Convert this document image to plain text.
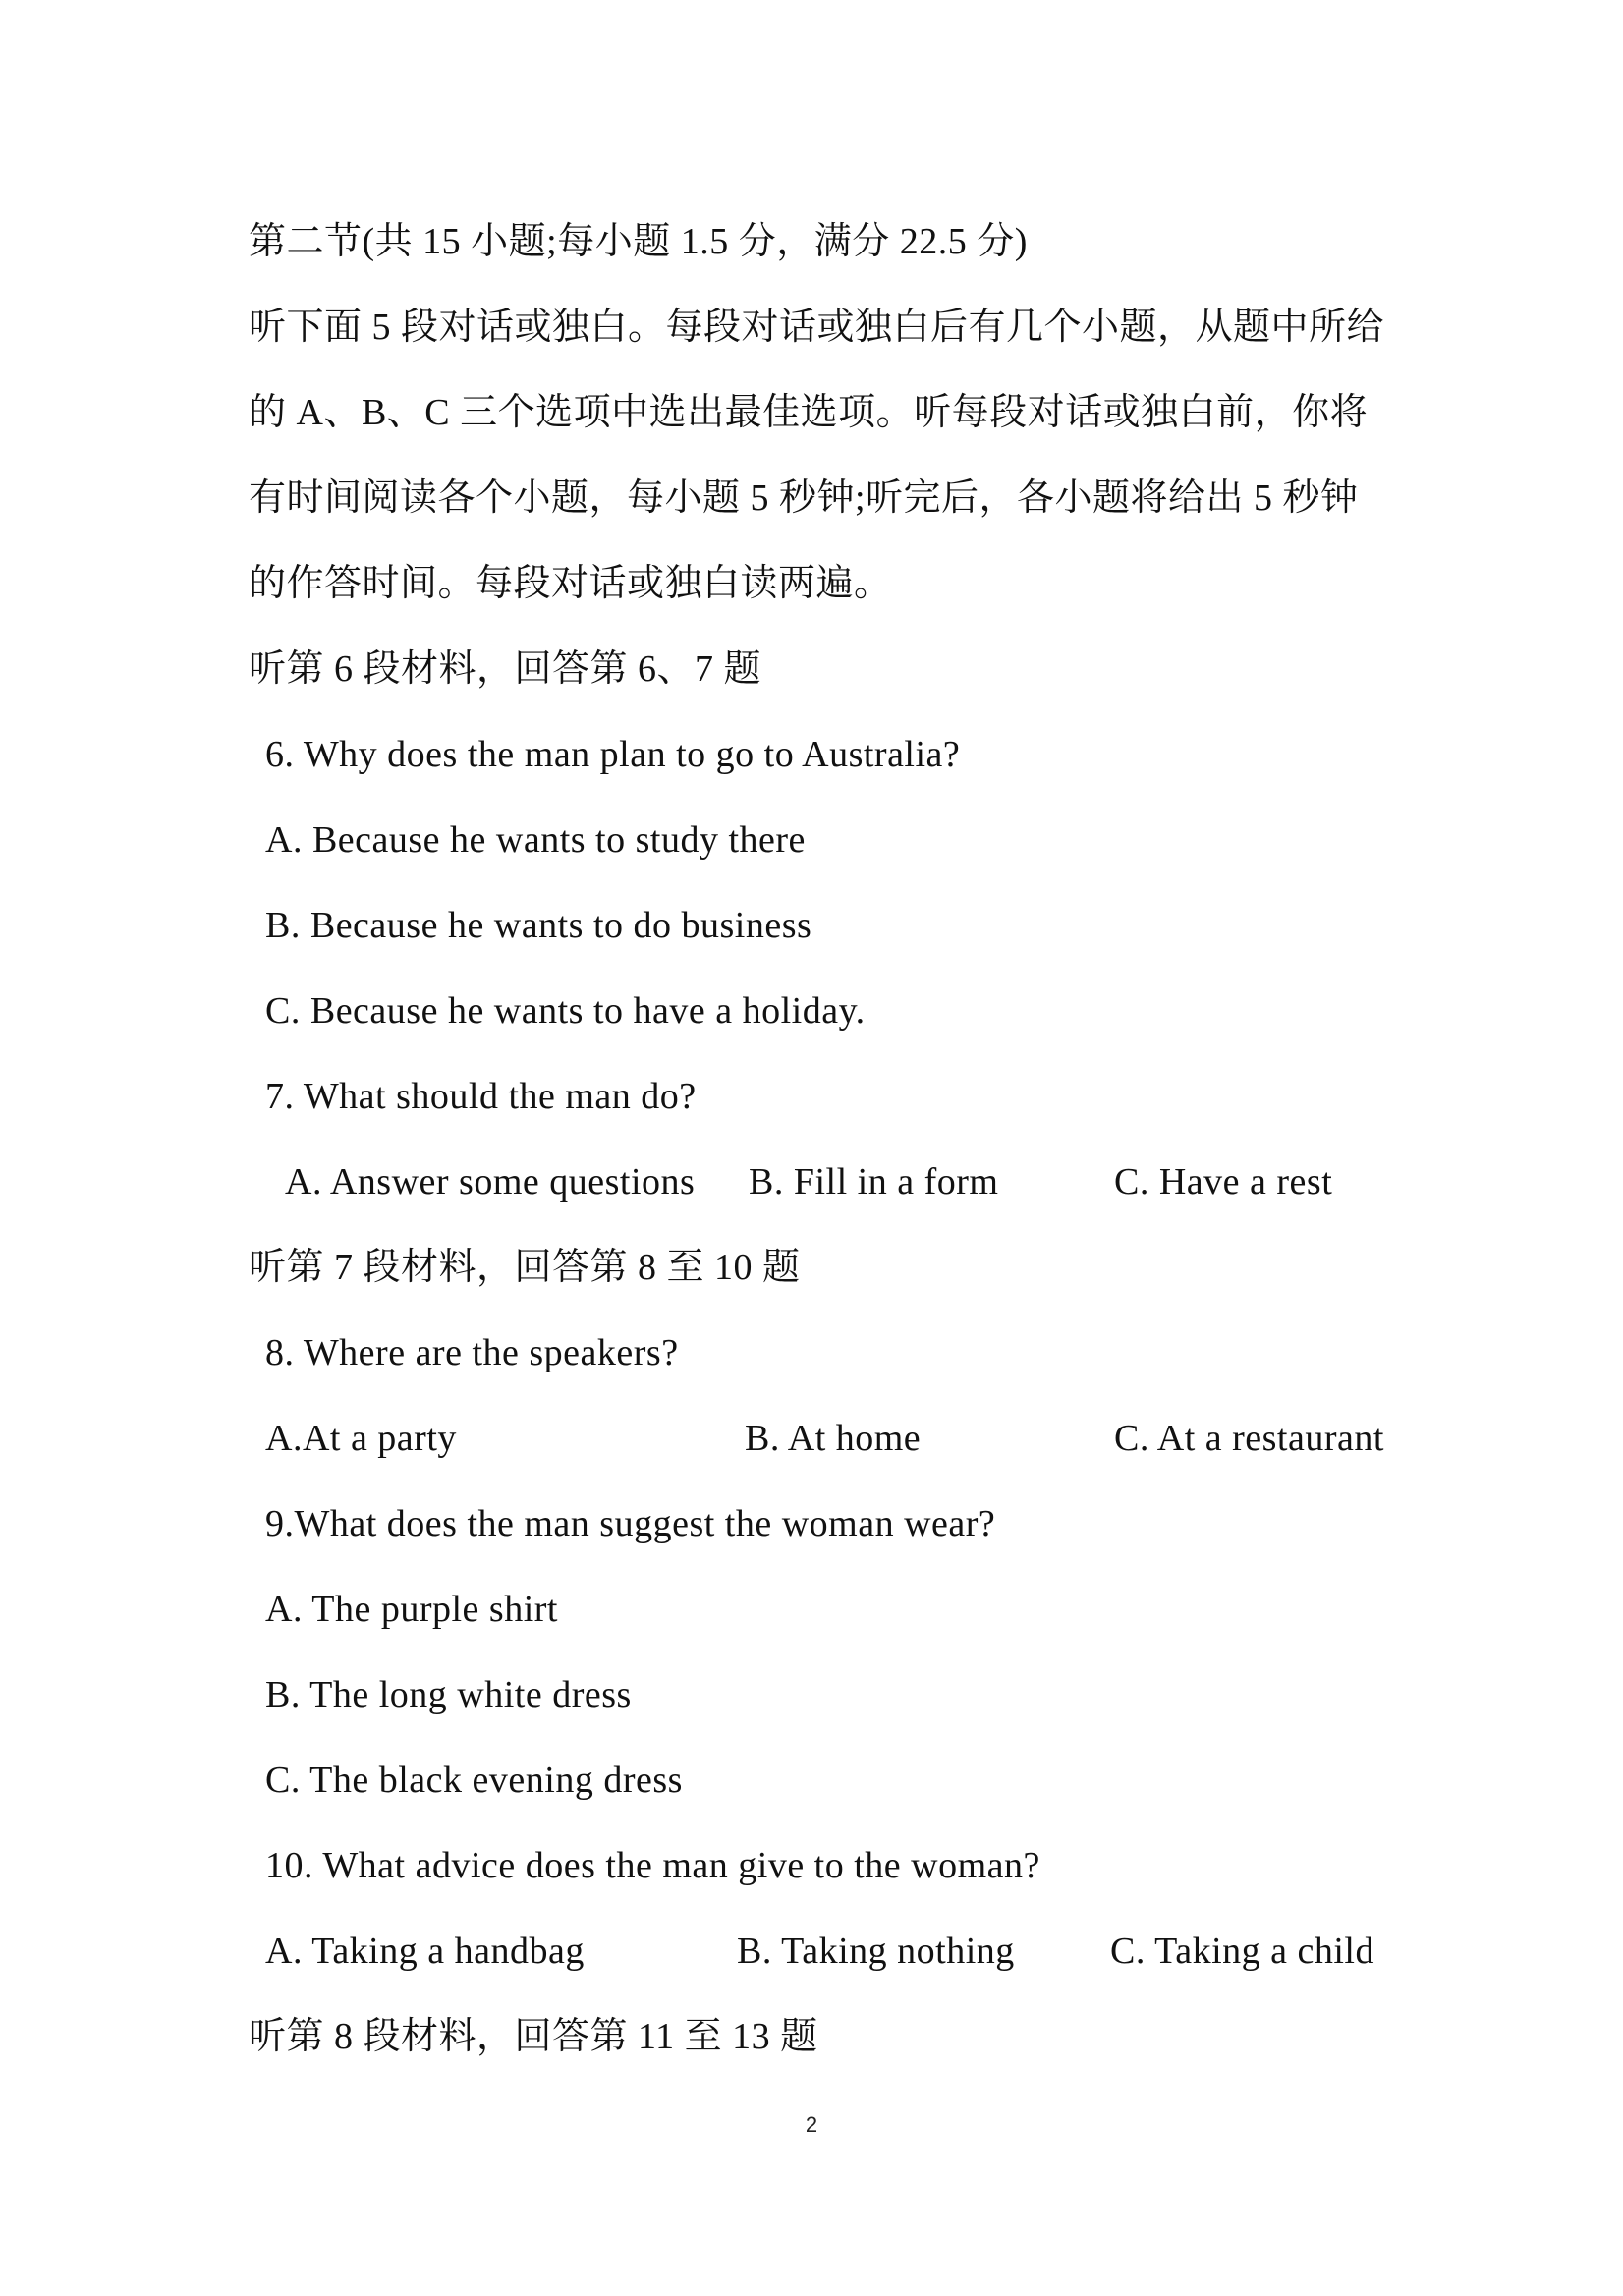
第二节(共 15 小题;每小题 1.5 分，满分 22.5 分)
听下面 5 段对话或独白。每段对话或独白后有几个小题，从题中所给
的 A、B、C 三个选项中选出最佳选项。听每段对话或独白前，你将
有时间阅读各个小题，每小题 5 秒钟;听完后，各小题将给出 5 秒钟
的作答时间。每段对话或独白读两遍。
听第 6 段材料，回答第 6、7 题
6. Why does the man plan to go to Australia?
A. Because he wants to study there
B. Because he wants to do business
C. Because he wants to have a holiday.
7. What should the man do?
A. Answer some questions B. Fill in a form	C. Have a rest
听第 7 段材料，回答第 8 至 10 题
8. Where are the speakers?
A.At a party	B. At home	C. At a restaurant
9.What does the man suggest the woman wear?
A. The purple shirt
B. The long white dress
C. The black evening dress
10. What advice does the man give to the woman?
A. Taking a handbag	B. Taking nothing	C. Taking a child
听第 8 段材料，回答第 11 至 13 题
2
